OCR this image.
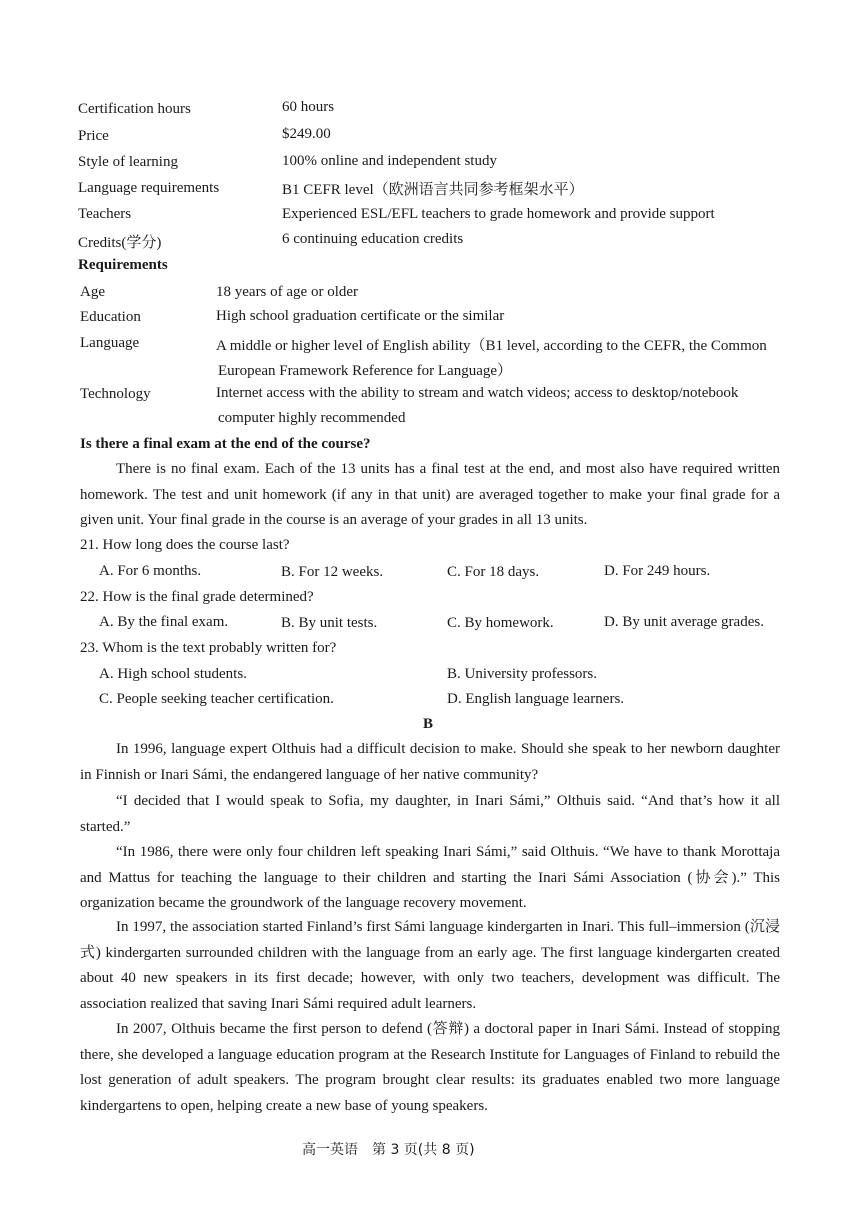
Certification hours	60 hours
Price	$249.00
Style of learning	100% online and independent study
Language requirements	B1 CEFR level（欧洲语言共同参考框架水平）
Teachers	Experienced ESL/EFL teachers to grade homework and provide support
Credits(学分)	6 continuing education credits
Requirements
Age	18 years of age or older
Education	High school graduation certificate or the similar
Language	A middle or higher level of English ability（B1 level, according to the CEFR, the Common
European Framework Reference for Language）
Technology	Internet access with the ability to stream and watch videos; access to desktop/notebook
computer highly recommended
Is there a final exam at the end of the course?
There is no final exam. Each of the 13 units has a final test at the end, and most also have required written homework. The test and unit homework (if any in that unit) are averaged together to make your final grade for a given unit. Your final grade in the course is an average of your grades in all 13 units.
21. How long does the course last?
A. For 6 months.	B. For 12 weeks.	C. For 18 days.	D. For 249 hours.
22. How is the final grade determined?
A. By the final exam.	B. By unit tests.	C. By homework.	D. By unit average grades.
23. Whom is the text probably written for?
A. High school students.	B. University professors.
C. People seeking teacher certification.	D. English language learners.
B
In 1996, language expert Olthuis had a difficult decision to make. Should she speak to her newborn daughter in Finnish or Inari Sámi, the endangered language of her native community?
“I decided that I would speak to Sofia, my daughter, in Inari Sámi,” Olthuis said. “And that’s how it all started.”
“In 1986, there were only four children left speaking Inari Sámi,” said Olthuis. “We have to thank Morottaja and Mattus for teaching the language to their children and starting the Inari Sámi Association (协会).” This organization became the groundwork of the language recovery movement.
In 1997, the association started Finland’s first Sámi language kindergarten in Inari. This full–immersion (沉浸式) kindergarten surrounded children with the language from an early age. The first language kindergarten created about 40 new speakers in its first decade; however, with only two teachers, development was difficult. The association realized that saving Inari Sámi required adult learners.
In 2007, Olthuis became the first person to defend (答辩) a doctoral paper in Inari Sámi. Instead of stopping there, she developed a language education program at the Research Institute for Languages of Finland to rebuild the lost generation of adult speakers. The program brought clear results: its graduates enabled two more language kindergartens to open, helping create a new base of young speakers.
高一英语　第 3 页(共 8 页)
